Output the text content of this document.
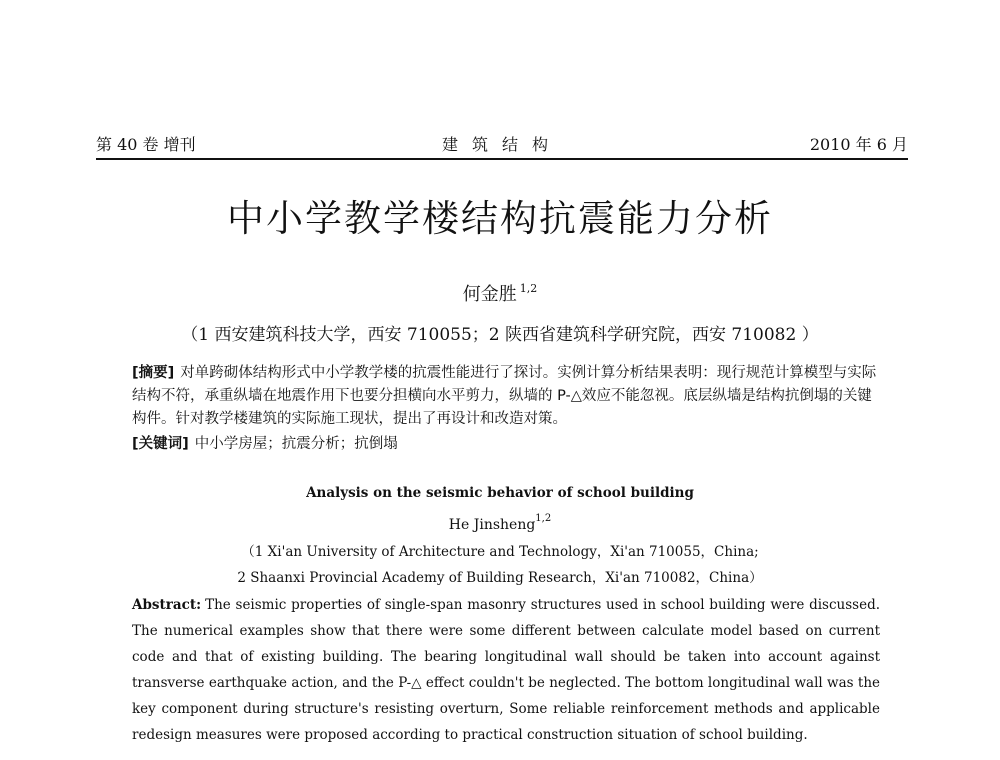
第 40 卷 增刊	建筑结构	2010 年 6 月
中小学教学楼结构抗震能力分析
何金胜 $^{1,2}$
（1 西安建筑科技大学，西安 710055；2 陕西省建筑科学研究院，西安 710082 ）
[摘要] 对单跨砌体结构形式中小学教学楼的抗震性能进行了探讨。实例计算分析结果表明：现行规范计算模型与实际结构不符，承重纵墙在地震作用下也要分担横向水平剪力，纵墙的 P-△效应不能忽视。底层纵墙是结构抗倒塌的关键构件。针对教学楼建筑的实际施工现状，提出了再设计和改造对策。
[关键词] 中小学房屋；抗震分析；抗倒塌
Analysis on the seismic behavior of school building
He Jinsheng$^{1,2}$
（1 Xi'an University of Architecture and Technology，Xi'an 710055，China;
2 Shaanxi Provincial Academy of Building Research，Xi'an 710082，China）
Abstract: The seismic properties of single-span masonry structures used in school building were discussed. The numerical examples show that there were some different between calculate model based on current code and that of existing building. The bearing longitudinal wall should be taken into account against transverse earthquake action, and the P-△ effect couldn't be neglected. The bottom longitudinal wall was the key component during structure's resisting overturn, Some reliable reinforcement methods and applicable redesign measures were proposed according to practical construction situation of school building.
